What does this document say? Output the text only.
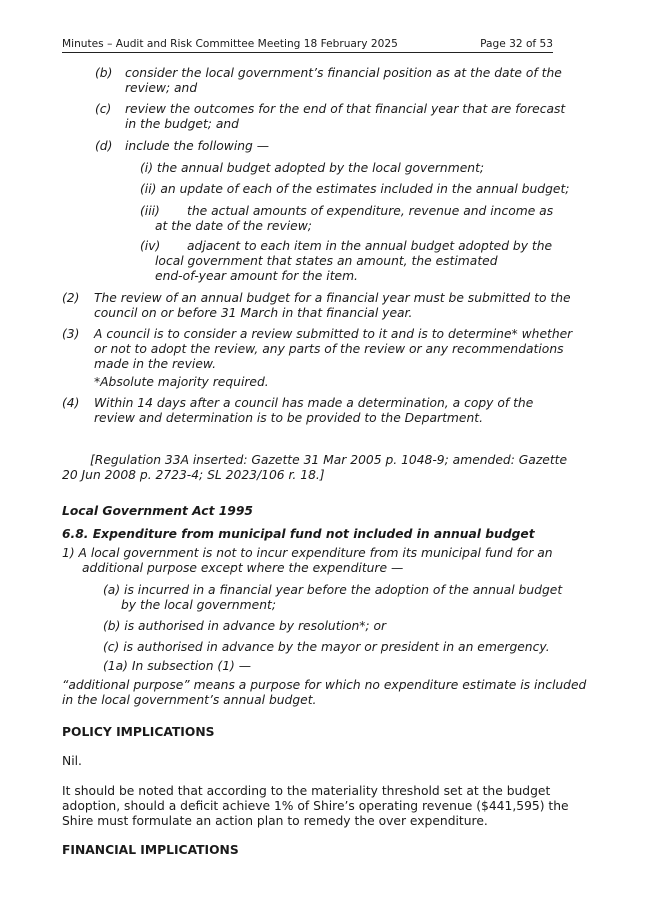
Minutes – Audit and Risk Committee Meeting 18 February 2025	Page 32 of 53
(b) consider the local government’s financial position as at the date of the

review; and

(c) review the outcomes for the end of that financial year that are forecast

in the budget; and

(d) include the following —

(i) the annual budget adopted by the local government;

(ii) an update of each of the estimates included in the annual budget;

(iii) the actual amounts of expenditure, revenue and income as

at the date of the review;

(iv) adjacent to each item in the annual budget adopted by the

local government that states an amount, the estimated

end-of-year amount for the item.

(2) The review of an annual budget for a financial year must be submitted to the

council on or before 31 March in that financial year.

(3) A council is to consider a review submitted to it and is to determine* whether

or not to adopt the review, any parts of the review or any recommendations

made in the review.

*Absolute majority required.

(4) Within 14 days after a council has made a determination, a copy of the

review and determination is to be provided to the Department.

[Regulation 33A inserted: Gazette 31 Mar 2005 p. 1048-9; amended: Gazette

20 Jun 2008 p. 2723-4; SL 2023/106 r. 18.]

Local Government Act 1995

6.8. Expenditure from municipal fund not included in annual budget

1) A local government is not to incur expenditure from its municipal fund for an

additional purpose except where the expenditure —

(a) is incurred in a financial year before the adoption of the annual budget

by the local government;

(b) is authorised in advance by resolution*; or

(c) is authorised in advance by the mayor or president in an emergency.

(1a) In subsection (1) —

“additional purpose” means a purpose for which no expenditure estimate is included

in the local government’s annual budget.

POLICY IMPLICATIONS

Nil.

It should be noted that according to the materiality threshold set at the budget

adoption, should a deficit achieve 1% of Shire’s operating revenue ($441,595) the

Shire must formulate an action plan to remedy the over expenditure.

FINANCIAL IMPLICATIONS
